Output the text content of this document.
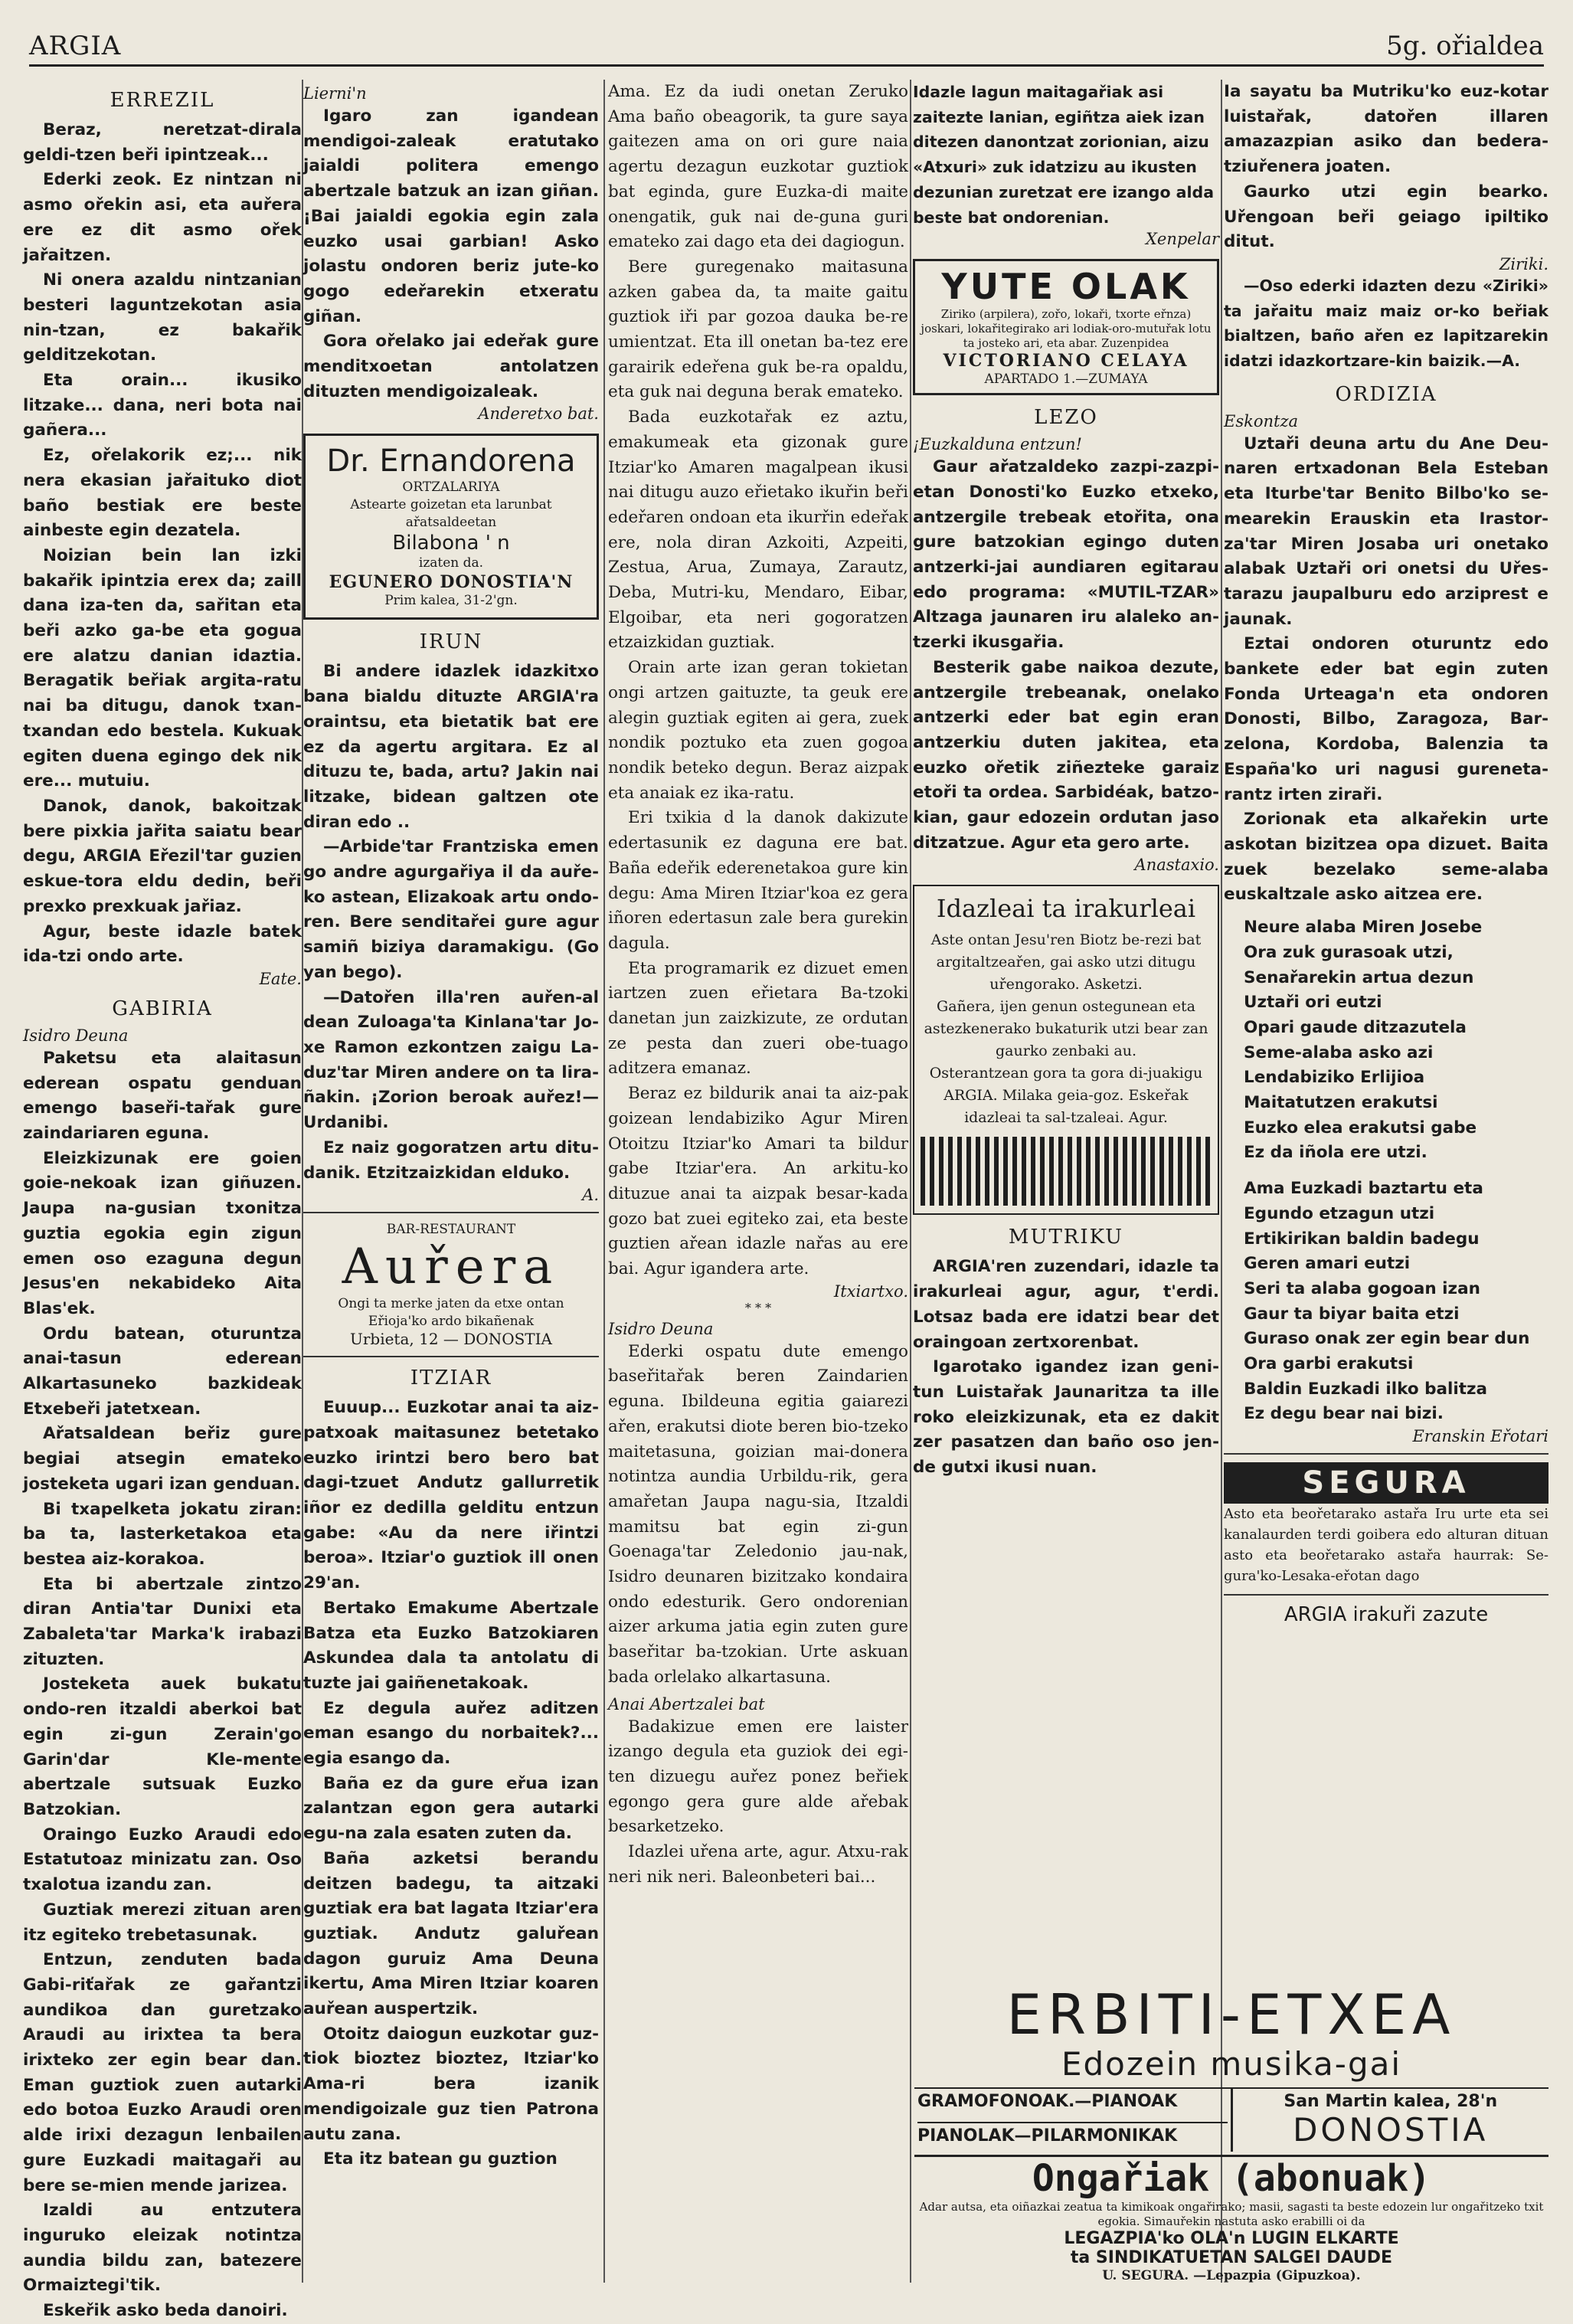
ARGIA	5g. ořialdea
ERREZIL

Beraz, neretzat-dirala geldi-tzen beři ipintzeak...

Ederki zeok. Ez nintzan ni asmo ořekin asi, eta auřera ere ez dit asmo ořek jařaitzen.

Ni onera azaldu nintzanian besteri laguntzekotan asia nin-tzan, ez bakařik gelditzekotan.

Eta orain... ikusiko litzake... dana, neri bota nai gañera...

Ez, ořelakorik ez;... nik nera ekasian jařaituko diot baño bestiak ere beste ainbeste egin dezatela.

Noizian bein lan izki bakařik ipintzia erex da; zaill dana iza-ten da, sařitan eta beři azko ga-be eta gogua ere alatzu danian idaztia. Beragatik beřiak argita-ratu nai ba ditugu, danok txan-txandan edo bestela. Kukuak egiten duena egingo dek nik ere... mutuiu.

Danok, danok, bakoitzak bere pixkia jařita saiatu bear degu, ARGIA Eřezil'tar guzien eskue-tora eldu dedin, beři prexko prexkuak jařiaz.

Agur, beste idazle batek ida-tzi ondo arte.

Eate.
GABIRIA
Isidro Deuna

Paketsu eta alaitasun ederean ospatu genduan emengo baseři-tařak gure zaindariaren eguna.

Eleizkizunak ere goien goie-nekoak izan giñuzen. Jaupa na-gusian txonitza guztia egokia egin zigun emen oso ezaguna degun Jesus'en nekabideko Aita Blas'ek.

Ordu batean, oturuntza anai-tasun ederean Alkartasuneko bazkideak Etxebeři jatetxean.

Ařatsaldean beřiz gure begiai atsegin emateko josteketa ugari izan genduan.

Bi txapelketa jokatu ziran: ba ta, lasterketakoa eta bestea aiz-korakoa.

Eta bi abertzale zintzo diran Antia'tar Dunixi eta Zabaleta'tar Marka'k irabazi zituzten.

Josteketa auek bukatu ondo-ren itzaldi aberkoi bat egin zi-gun Zerain'go Garin'dar Kle-mente abertzale sutsuak Euzko Batzokian.

Oraingo Euzko Araudi edo Estatutoaz minizatu zan. Oso txalotua izandu zan.

Guztiak merezi zituan aren itz egiteko trebetasunak.

Entzun, zenduten bada Gabi-riťařak ze gařantzi aundikoa dan guretzako Araudi au irixtea ta bera irixteko zer egin bear dan. Eman guztiok zuen autarki edo botoa Euzko Araudi oren alde irixi dezagun lenbailen gure Euzkadi maitagaři au bere se-mien mende jarizea.

Izaldi au entzutera inguruko eleizak notintza aundia bildu zan, batezere Ormaiztegi'tik.

Eskeřik asko beda danoiri.

Lierni'n

Igaro zan igandean mendigoi-zaleak eratutako jaialdi politera emengo abertzale batzuk an izan giñan. ¡Bai jaialdi egokia egin zala euzko usai garbian! Asko jolastu ondoren beriz jute-ko gogo edeřarekin etxeratu giñan.

Gora ořelako jai edeřak gure menditxoetan antolatzen dituzten mendigoizaleak.

Anderetxo bat.
Dr. Ernandorena
ORTZALARIYA
Astearte goizetan eta larunbat ařatsaldeetan
Bilabona ' n
izaten da.
EGUNERO DONOSTIA'N
Prim kalea, 31-2'gn.
IRUN

Bi andere idazlek idazkitxo bana bialdu dituzte ARGIA'ra oraintsu, eta bietatik bat ere ez da agertu argitara. Ez al dituzu te, bada, artu? Jakin nai litzake, bidean galtzen ote diran edo ..

—Arbide'tar Frantziska emen go andre agurgařiya il da auře-ko astean, Elizakoak artu ondo-ren. Bere senditařei gure agur samiñ biziya daramakigu. (Go yan bego).

—Datořen illa'ren auřen-al dean Zuloaga'ta Kinlana'tar Jo-xe Ramon ezkontzen zaigu La-duz'tar Miren andere on ta lira-ñakin. ¡Zorion beroak auřez!—Urdanibi.

Ez naiz gogoratzen artu ditu-danik. Etzitzaizkidan elduko.

A.
BAR-RESTAURANT
Auřera
Ongi ta merke jaten da etxe ontan
Eřioja'ko ardo bikañenak
Urbieta, 12 — DONOSTIA
ITZIAR

Euuup... Euzkotar anai ta aiz-patxoak maitasunez betetako euzko irintzi bero bero bat dagi-tzuet Andutz gallurretik iñor ez dedilla gelditu entzun gabe: «Au da nere iřintzi beroa». Itziar'o guztiok ill onen 29'an.

Bertako Emakume Abertzale Batza eta Euzko Batzokiaren Askundea dala ta antolatu di tuzte jai gaiñenetakoak.

Ez degula auřez aditzen eman esango du norbaitek?... egia esango da.

Baña ez da gure eřua izan zalantzan egon gera autarki egu-na zala esaten zuten da.

Baña azketsi berandu deitzen badegu, ta aitzaki guztiak era bat lagata Itziar'era guztiak. Andutz galuřean dagon guruiz Ama Deuna ikertu, Ama Miren Itziar koaren auřean auspertzik.

Otoitz daiogun euzkotar guz-tiok bioztez bioztez, Itziar'ko Ama-ri bera izanik mendigoizale guz tien Patrona autu zana.

Eta itz batean gu guztion

Ama. Ez da iudi onetan Zeruko Ama baño obeagorik, ta gure saya gaitezen ama on ori gure naia agertu dezagun euzkotar guztiok bat eginda, gure Euzka-di maite onengatik, guk nai de-guna guri emateko zai dago eta dei dagiogun.

Bere guregenako maitasuna azken gabea da, ta maite gaitu guztiok iři par gozoa dauka be-re umientzat. Eta ill onetan ba-tez ere garairik edeřena guk be-ra opaldu, eta guk nai deguna berak emateko.

Bada euzkotařak ez aztu, emakumeak eta gizonak gure Itziar'ko Amaren magalpean ikusi nai ditugu auzo eřietako ikuřin beři edeřaren ondoan eta ikurřin edeřak ere, nola diran Azkoiti, Azpeiti, Zestua, Arua, Zumaya, Zarautz, Deba, Mutri-ku, Mendaro, Eibar, Elgoibar, eta neri gogoratzen etzaizkidan guztiak.

Orain arte izan geran tokietan ongi artzen gaituzte, ta geuk ere alegin guztiak egiten ai gera, zuek nondik poztuko eta zuen gogoa nondik beteko degun. Beraz aizpak eta anaiak ez ika-ratu.

Eri txikia d la danok dakizute edertasunik ez daguna ere bat. Baña edeřik ederenetakoa gure kin degu: Ama Miren Itziar'koa ez gera iñoren edertasun zale bera gurekin dagula.

Eta programarik ez dizuet emen iartzen zuen eřietara Ba-tzoki danetan jun zaizkizute, ze ordutan ze pesta dan zueri obe-tuago aditzera emanaz.

Beraz ez bildurik anai ta aiz-pak goizean lendabiziko Agur Miren Otoitzu Itziar'ko Amari ta bildur gabe Itziar'era. An arkitu-ko dituzue anai ta aizpak besar-kada gozo bat zuei egiteko zai, eta beste guztien ařean idazle nařas au ere bai. Agur igandera arte.

Itxiartxo.
* * *
Isidro Deuna

Ederki ospatu dute emengo baseřitařak beren Zaindarien eguna. Ibildeuna egitia gaiarezi ařen, erakutsi diote beren bio-tzeko maitetasuna, goizian mai-donera notintza aundia Urbildu-rik, gera amařetan Jaupa nagu-sia, Itzaldi mamitsu bat egin zi-gun Goenaga'tar Zeledonio jau-nak, Isidro deunaren bizitzako kondaira ondo edesturik. Gero ondorenian aizer arkuma jatia egin zuten gure baseřitar ba-tzokian. Urte askuan bada orlelako alkartasuna.

Anai Abertzalei bat

Badakizue emen ere laister izango degula eta guziok dei egi-ten dizuegu auřez ponez beřiek egongo gera gure alde ařebak besarketzeko.

Idazlei uřena arte, agur. Atxu-rak neri nik neri. Baleonbeteri bai...

Idazle lagun maitagařiak asi zaitezte lanian, egiñtza aiek izan ditezen danontzat zorionian, aizu «Atxuri» zuk idatzizu au ikusten dezunian zuretzat ere izango alda beste bat ondorenian.

Xenpelar
YUTE OLAK
Ziriko (arpilera), zořo, lokaři, txorte eřnza) joskari, lokařitegirako ari lodiak-oro-mutuřak lotu ta josteko ari, eta abar. Zuzenpidea
VICTORIANO CELAYA
APARTADO 1.—ZUMAYA
LEZO
¡Euzkalduna entzun!

Gaur ařatzaldeko zazpi-zazpi-etan Donosti'ko Euzko etxeko, antzergile trebeak etořita, ona gure batzokian egingo duten antzerki-jai aundiaren egitarau edo programa: «MUTIL-TZAR» Altzaga jaunaren iru alaleko an-tzerki ikusgařia.

Besterik gabe naikoa dezute, antzergile trebeanak, onelako antzerki eder bat egin eran antzerkiu duten jakitea, eta euzko ořetik ziñezteke garaiz etoři ta ordea. Sarbidéak, batzo-kian, gaur edozein ordutan jaso ditzatzue. Agur eta gero arte.

Anastaxio.
Idazleai ta irakurleai

Aste ontan Jesu'ren Biotz be-rezi bat argitaltzeařen, gai asko utzi ditugu uřengorako. Asketzi.

Gañera, ijen genun ostegunean eta astezkenerako bukaturik utzi bear zan gaurko zenbaki au.

Osterantzean gora ta gora di-juakigu ARGIA. Milaka geia-goz. Eskeřak idazleai ta sal-tzaleai. Agur.

MUTRIKU

ARGIA'ren zuzendari, idazle ta irakurleai agur, agur, t'erdi. Lotsaz bada ere idatzi bear det oraingoan zertxorenbat.

Igarotako igandez izan geni-tun Luistařak Jaunaritza ta ille roko eleizkizunak, eta ez dakit zer pasatzen dan baño oso jen-de gutxi ikusi nuan.

Ia sayatu ba Mutriku'ko euz-kotar luistařak, datořen illaren amazazpian asiko dan bedera-tziuřenera joaten.

Gaurko utzi egin bearko. Uřengoan beři geiago ipiltiko ditut.

Ziriki.

—Oso ederki idazten dezu «Ziriki» ta jařaitu maiz maiz or-ko beřiak bialtzen, baño ařen ez lapitzarekin idatzi idazkortzare-kin baizik.—A.

ORDIZIA
Eskontza

Uztaři deuna artu du Ane Deu-naren ertxadonan Bela Esteban eta Iturbe'tar Benito Bilbo'ko se-mearekin Erauskin eta Irastor-za'tar Miren Josaba uri onetako alabak Uztaři ori onetsi du Uřes-tarazu jaupalburu edo arziprest e jaunak.

Eztai ondoren oturuntz edo bankete eder bat egin zuten Fonda Urteaga'n eta ondoren Donosti, Bilbo, Zaragoza, Bar-zelona, Kordoba, Balenzia ta España'ko uri nagusi gureneta-rantz irten ziraři.

Zorionak eta alkařekin urte askotan bizitzea opa dizuet. Baita zuek bezelako seme-alaba euskaltzale asko aitzea ere.

Neure alaba Miren Josebe
Ora zuk gurasoak utzi,
Senařarekin artua dezun
Uztaři ori eutzi
Opari gaude ditzazutela
Seme-alaba asko azi
Lendabiziko Erlijioa
Maitatutzen erakutsi
Euzko elea erakutsi gabe
Ez da iñola ere utzi.
Ama Euzkadi baztartu eta
Egundo etzagun utzi
Ertikirikan baldin badegu
Geren amari eutzi
Seri ta alaba gogoan izan
Gaur ta biyar baita etzi
Guraso onak zer egin bear dun
Ora garbi erakutsi
Baldin Euzkadi ilko balitza
Ez degu bear nai bizi.
Eranskin Eřotari
SEGURA

Asto eta beořetarako astařa Iru urte eta sei kanalaurden terdi goibera edo alturan dituan asto eta beořetarako astařa haurrak: Se-gura'ko-Lesaka-eřotan dago

ARGIA irakuři zazute
ERBITI-ETXEA
Edozein musika-gai
GRAMOFONOAK.—PIANOAK
PIANOLAK—PILARMONIKAK
San Martin kalea, 28'n
DONOSTIA
Ongařiak (abonuak)
Adar autsa, eta oiñazkai zeatua ta kimikoak ongařirako; masii, sagasti ta beste edozein lur ongařitzeko txit egokia. Simauřekin nastuta asko erabilli oi da
LEGAZPIA'ko OLA'n LUGIN ELKARTE
ta SINDIKATUETAN SALGEI DAUDE
U. SEGURA. —Lepazpia (Gipuzkoa).
